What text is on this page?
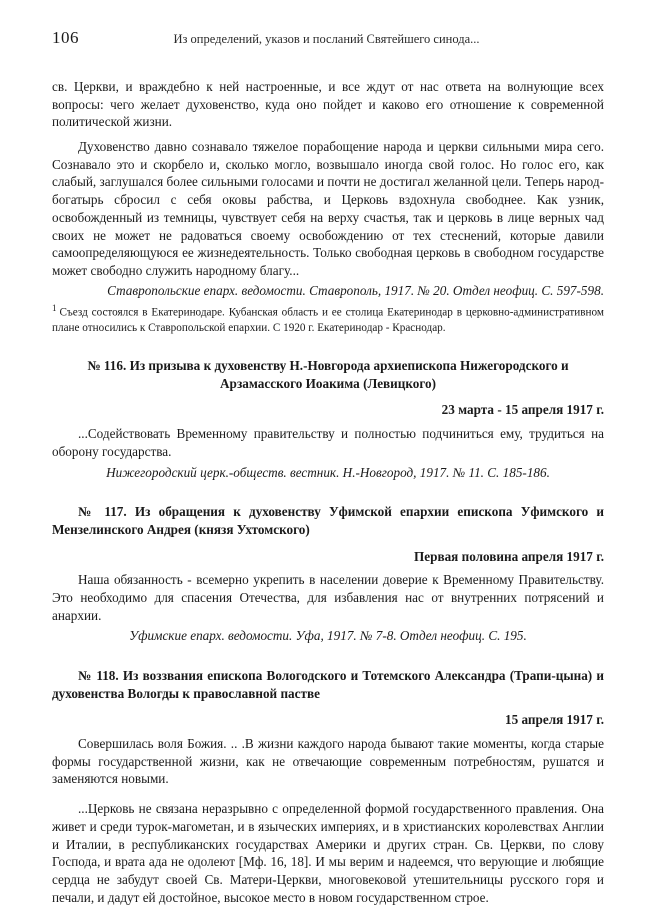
106	Из определений, указов и посланий Святейшего синода...

св. Церкви, и враждебно к ней настроенные, и все ждут от нас ответа на волнующие всех вопросы: чего желает духовенство, куда оно пойдет и каково его отношение к современной политической жизни.

Духовенство давно сознавало тяжелое порабощение народа и церкви сильными мира сего. Сознавало это и скорбело и, сколько могло, возвышало иногда свой голос. Но голос его, как слабый, заглушался более сильными голосами и почти не достигал желанной цели. Теперь народ-богатырь сбросил с себя оковы рабства, и Церковь вздохнула свободнее. Как узник, освобожденный из темницы, чувствует себя на верху счастья, так и церковь в лице верных чад своих не может не радоваться своему освобождению от тех стеснений, которые давили самоопределяющуюся ее жизнедеятельность. Только свободная церковь в свободном государстве может свободно служить народному благу...

Ставропольские епарх. ведомости. Ставрополь, 1917. № 20. Отдел неофиц. С. 597-598.

$^1$ Съезд состоялся в Екатеринодаре. Кубанская область и ее столица Екатеринодар в церковно-административном плане относились к Ставропольской епархии. С 1920 г. Екатеринодар - Краснодар.

№ 116. Из призыва к духовенству Н.-Новгорода архиепископа Нижегородского и Арзамасского Иоакима (Левицкого)

23 марта - 15 апреля 1917 г.

...Содействовать Временному правительству и полностью подчиниться ему, трудиться на оборону государства.

Нижегородский церк.-обществ. вестник. Н.-Новгород, 1917. № 11. С. 185-186.

№ 117. Из обращения к духовенству Уфимской епархии епископа Уфимского и Мензелинского Андрея (князя Ухтомского)

Первая половина апреля 1917 г.

Наша обязанность - всемерно укрепить в населении доверие к Временному Правительству. Это необходимо для спасения Отечества, для избавления нас от внутренних потрясений и анархии.

Уфимские епарх. ведомости. Уфа, 1917. № 7-8. Отдел неофиц. С. 195.

№ 118. Из воззвания епископа Вологодского и Тотемского Александра (Трапи-цына) и духовенства Вологды к православной пастве

15 апреля 1917 г.

Совершилась воля Божия. .. .В жизни каждого народа бывают такие моменты, когда старые формы государственной жизни, как не отвечающие современным потребностям, рушатся и заменяются новыми.

...Церковь не связана неразрывно с определенной формой государственного правления. Она живет и среди турок-магометан, и в языческих империях, и в христианских королевствах Англии и Италии, в республиканских государствах Америки и других стран. Св. Церкви, по слову Господа, и врата ада не одолеют [Мф. 16, 18]. И мы верим и надеемся, что верующие и любящие сердца не забудут своей Св. Матери-Церкви, многовековой утешительницы русского горя и печали, и дадут ей достойное, высокое место в новом государственном строе.
